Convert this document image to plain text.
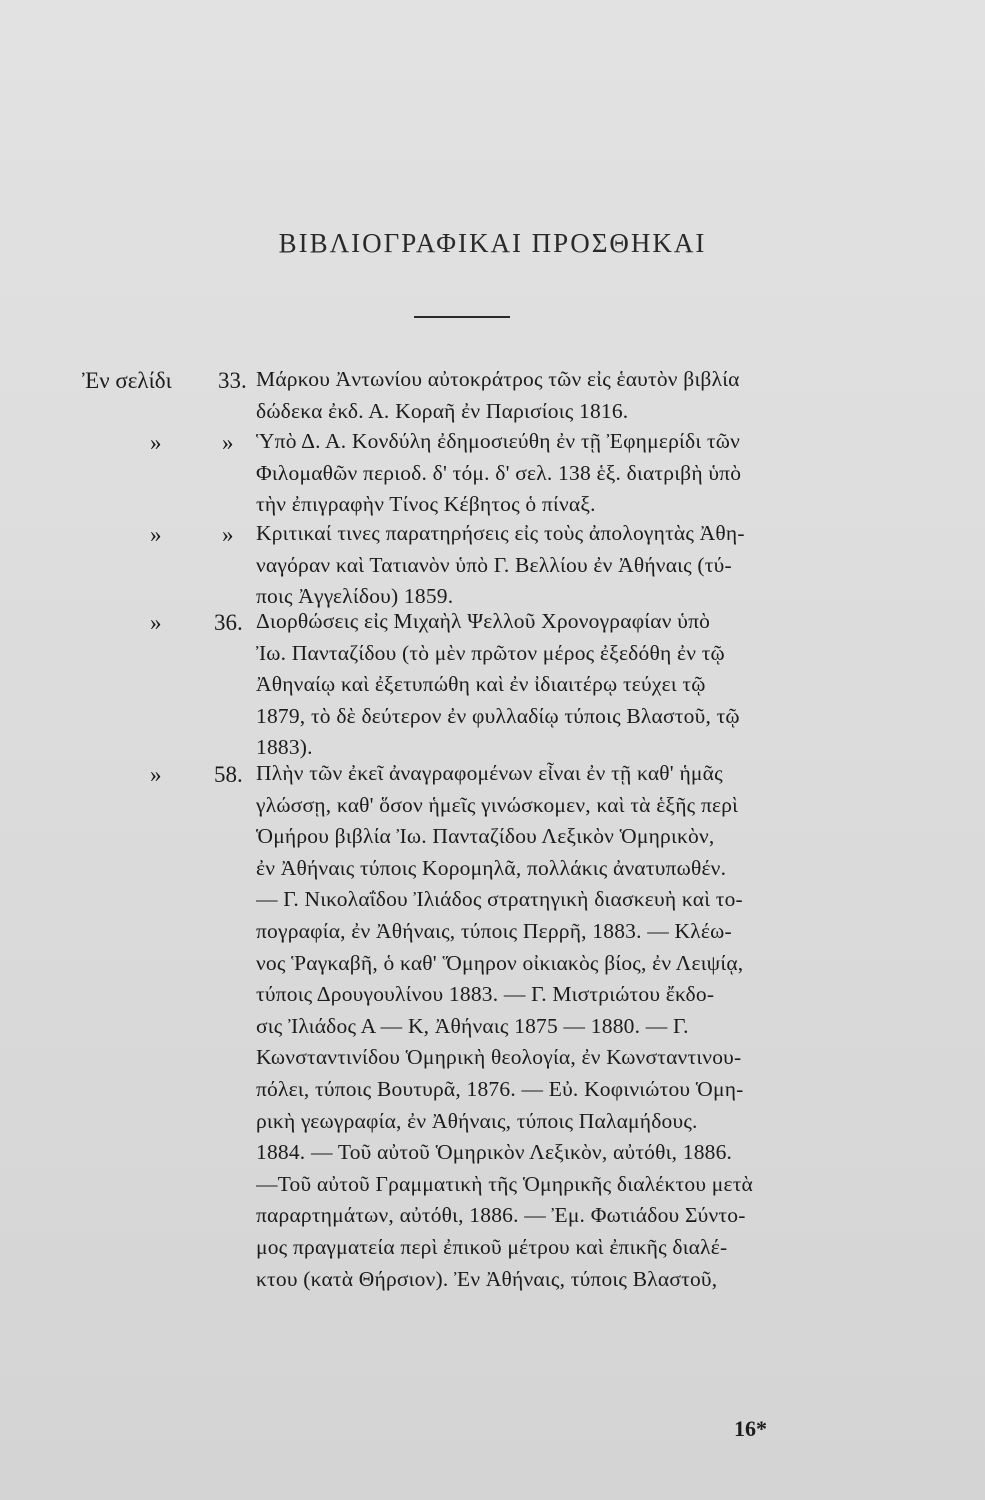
ΒΙΒΛΙΟΓΡΑΦΙΚΑΙ ΠΡΟΣΘΗΚΑΙ
Ἐν σελίδι 33. Μάρκου Ἀντωνίου αὐτοκράτρος τῶν εἰς ἑαυτὸν βιβλία
δώδεκα ἐκδ. Α. Κοραῆ ἐν Παρισίοις 1816.
»	» Ὑπὸ Δ. Α. Κονδύλη ἐδημοσιεύθη ἐν τῇ Ἐφημερίδι τῶν
Φιλομαθῶν περιοδ. δ' τόμ. δ' σελ. 138 ἑξ. διατριβὴ ὑπὸ
τὴν ἐπιγραφὴν Τίνος Κέβητος ὁ πίναξ.
»	» Κριτικαί τινες παρατηρήσεις εἰς τοὺς ἀπολογητὰς Ἀθη-
ναγόραν καὶ Τατιανὸν ὑπὸ Γ. Βελλίου ἐν Ἀθήναις (τύ-
ποις Ἀγγελίδου) 1859.
» 36. Διορθώσεις εἰς Μιχαὴλ Ψελλοῦ Χρονογραφίαν ὑπὸ
Ἰω. Πανταζίδου (τὸ μὲν πρῶτον μέρος ἐξεδόθη ἐν τῷ
Ἀθηναίῳ καὶ ἐξετυπώθη καὶ ἐν ἰδιαιτέρῳ τεύχει τῷ
1879, τὸ δὲ δεύτερον ἐν φυλλαδίῳ τύποις Βλαστοῦ, τῷ
1883).
» 58. Πλὴν τῶν ἐκεῖ ἀναγραφομένων εἶναι ἐν τῇ καθ' ἡμᾶς
γλώσσῃ, καθ' ὅσον ἡμεῖς γινώσκομεν, καὶ τὰ ἑξῆς περὶ
Ὁμήρου βιβλία Ἰω. Πανταζίδου Λεξικὸν Ὁμηρικὸν,
ἐν Ἀθήναις τύποις Κορομηλᾶ, πολλάκις ἀνατυπωθέν.
— Γ. Νικολαΐδου Ἰλιάδος στρατηγικὴ διασκευὴ καὶ το-
πογραφία, ἐν Ἀθήναις, τύποις Περρῆ, 1883. — Κλέω-
νος Ῥαγκαβῆ, ὁ καθ' Ὅμηρον οἰκιακὸς βίος, ἐν Λειψίᾳ,
τύποις Δρουγουλίνου 1883. — Γ. Μιστριώτου ἔκδο-
σις Ἰλιάδος Α — Κ, Ἀθήναις 1875 — 1880. — Γ.
Κωνσταντινίδου Ὁμηρικὴ θεολογία, ἐν Κωνσταντινου-
πόλει, τύποις Βουτυρᾶ, 1876. — Εὐ. Κοφινιώτου Ὁμη-
ρικὴ γεωγραφία, ἐν Ἀθήναις, τύποις Παλαμήδους.
1884. — Τοῦ αὐτοῦ Ὁμηρικὸν Λεξικὸν, αὐτόθι, 1886.
—Τοῦ αὐτοῦ Γραμματικὴ τῆς Ὁμηρικῆς διαλέκτου μετὰ
παραρτημάτων, αὐτόθι, 1886. — Ἐμ. Φωτιάδου Σύντο-
μος πραγματεία περὶ ἐπικοῦ μέτρου καὶ ἐπικῆς διαλέ-
κτου (κατὰ Θήρσιον). Ἐν Ἀθήναις, τύποις Βλαστοῦ,
16*
